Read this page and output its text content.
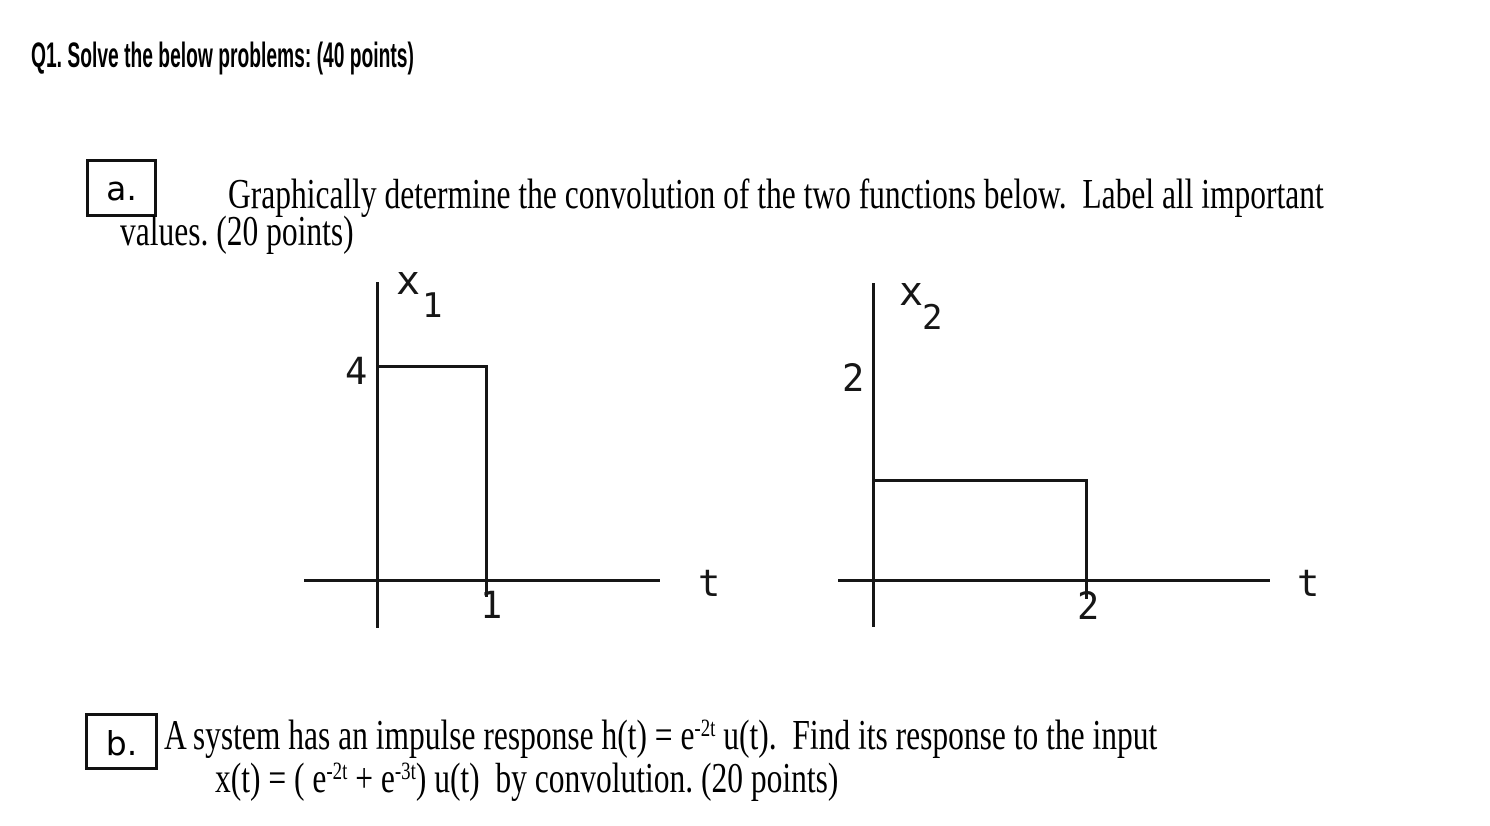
Q1. Solve the below problems: (40 points)
a. Graphically determine the convolution of the two functions below.  Label all important
values. (20 points)
x
1
4
1
t
x
2
2
2
t
b. A system has an impulse response $h(t) = e^{-2t}$ u(t).  Find its response to the input
x(t) = ( $e^{-2t} + e^{-3t}$) u(t)  by convolution. (20 points)
